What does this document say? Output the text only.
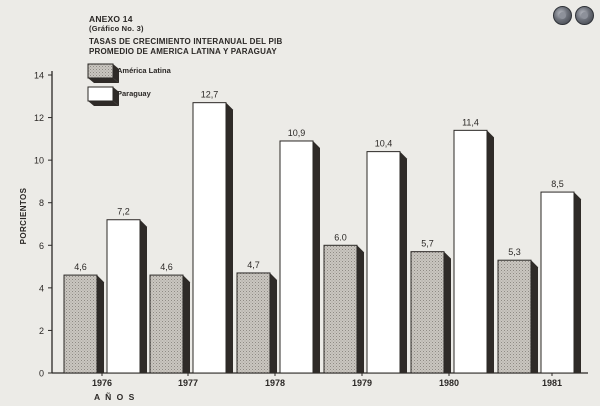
ANEXO 14
(Gráfico No. 3)
TASAS DE CRECIMIENTO INTERANUAL DEL PIB
PROMEDIO DE AMERICA LATINA Y PARAGUAY
0
2
4
6
8
10
12
14
1976	1977	1978	1979	1980	1981
PORCIENTOS
A Ñ O S
4,6
7,2
4,6
12,7
4,7
10,9
6.0
10,4
5,7
11,4
5,3
8,5
América Latina
Paraguay
